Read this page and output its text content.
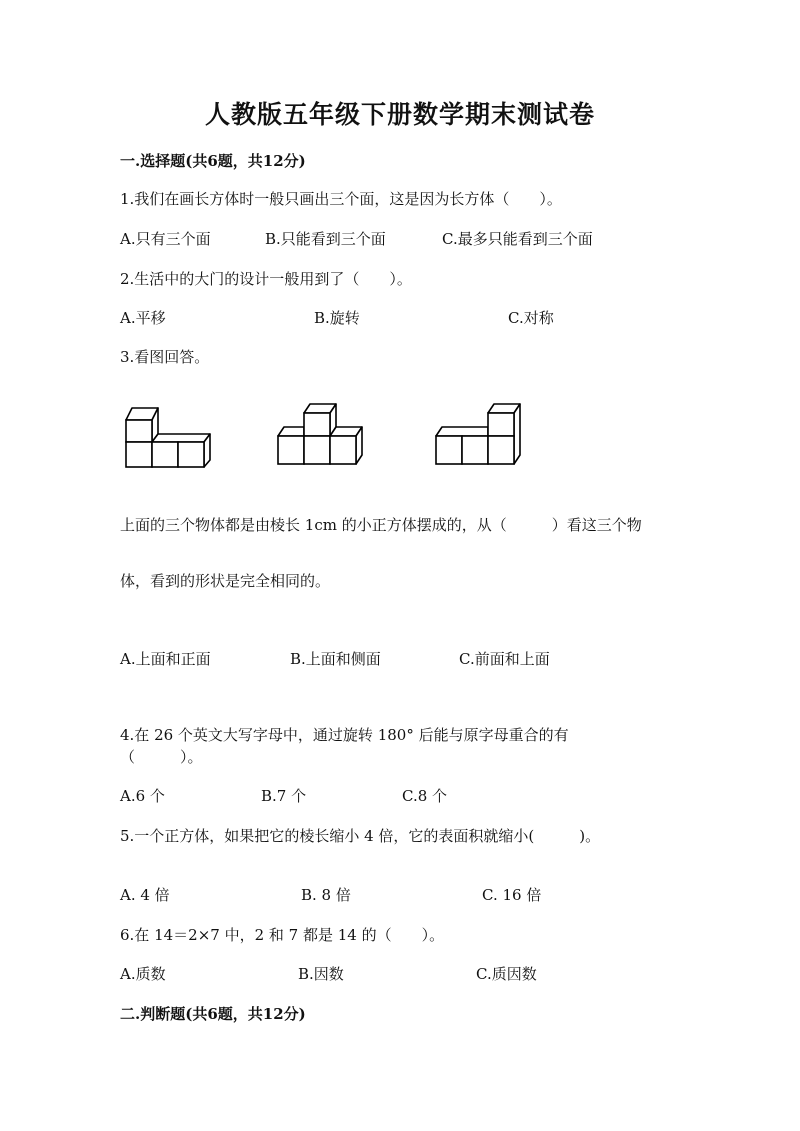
人教版五年级下册数学期末测试卷
一.选择题(共6题，共12分)
1.我们在画长方体时一般只画出三个面，这是因为长方体（　　）。
A.只有三个面	B.只能看到三个面	C.最多只能看到三个面
2.生活中的大门的设计一般用到了（　　）。
A.平移	B.旋转	C.对称
3.看图回答。
上面的三个物体都是由棱长 1cm 的小正方体摆成的，从（　　　）看这三个物
体，看到的形状是完全相同的。
A.上面和正面	B.上面和侧面	C.前面和上面
4.在 26 个英文大写字母中，通过旋转 180° 后能与原字母重合的有
（　　　）。
A.6 个	B.7 个	C.8 个
5.一个正方体，如果把它的棱长缩小 4 倍，它的表面积就缩小(　　　)。
A. 4 倍	B. 8 倍	C. 16 倍
6.在 14＝2×7 中，2 和 7 都是 14 的（　　）。
A.质数	B.因数	C.质因数
二.判断题(共6题，共12分)
